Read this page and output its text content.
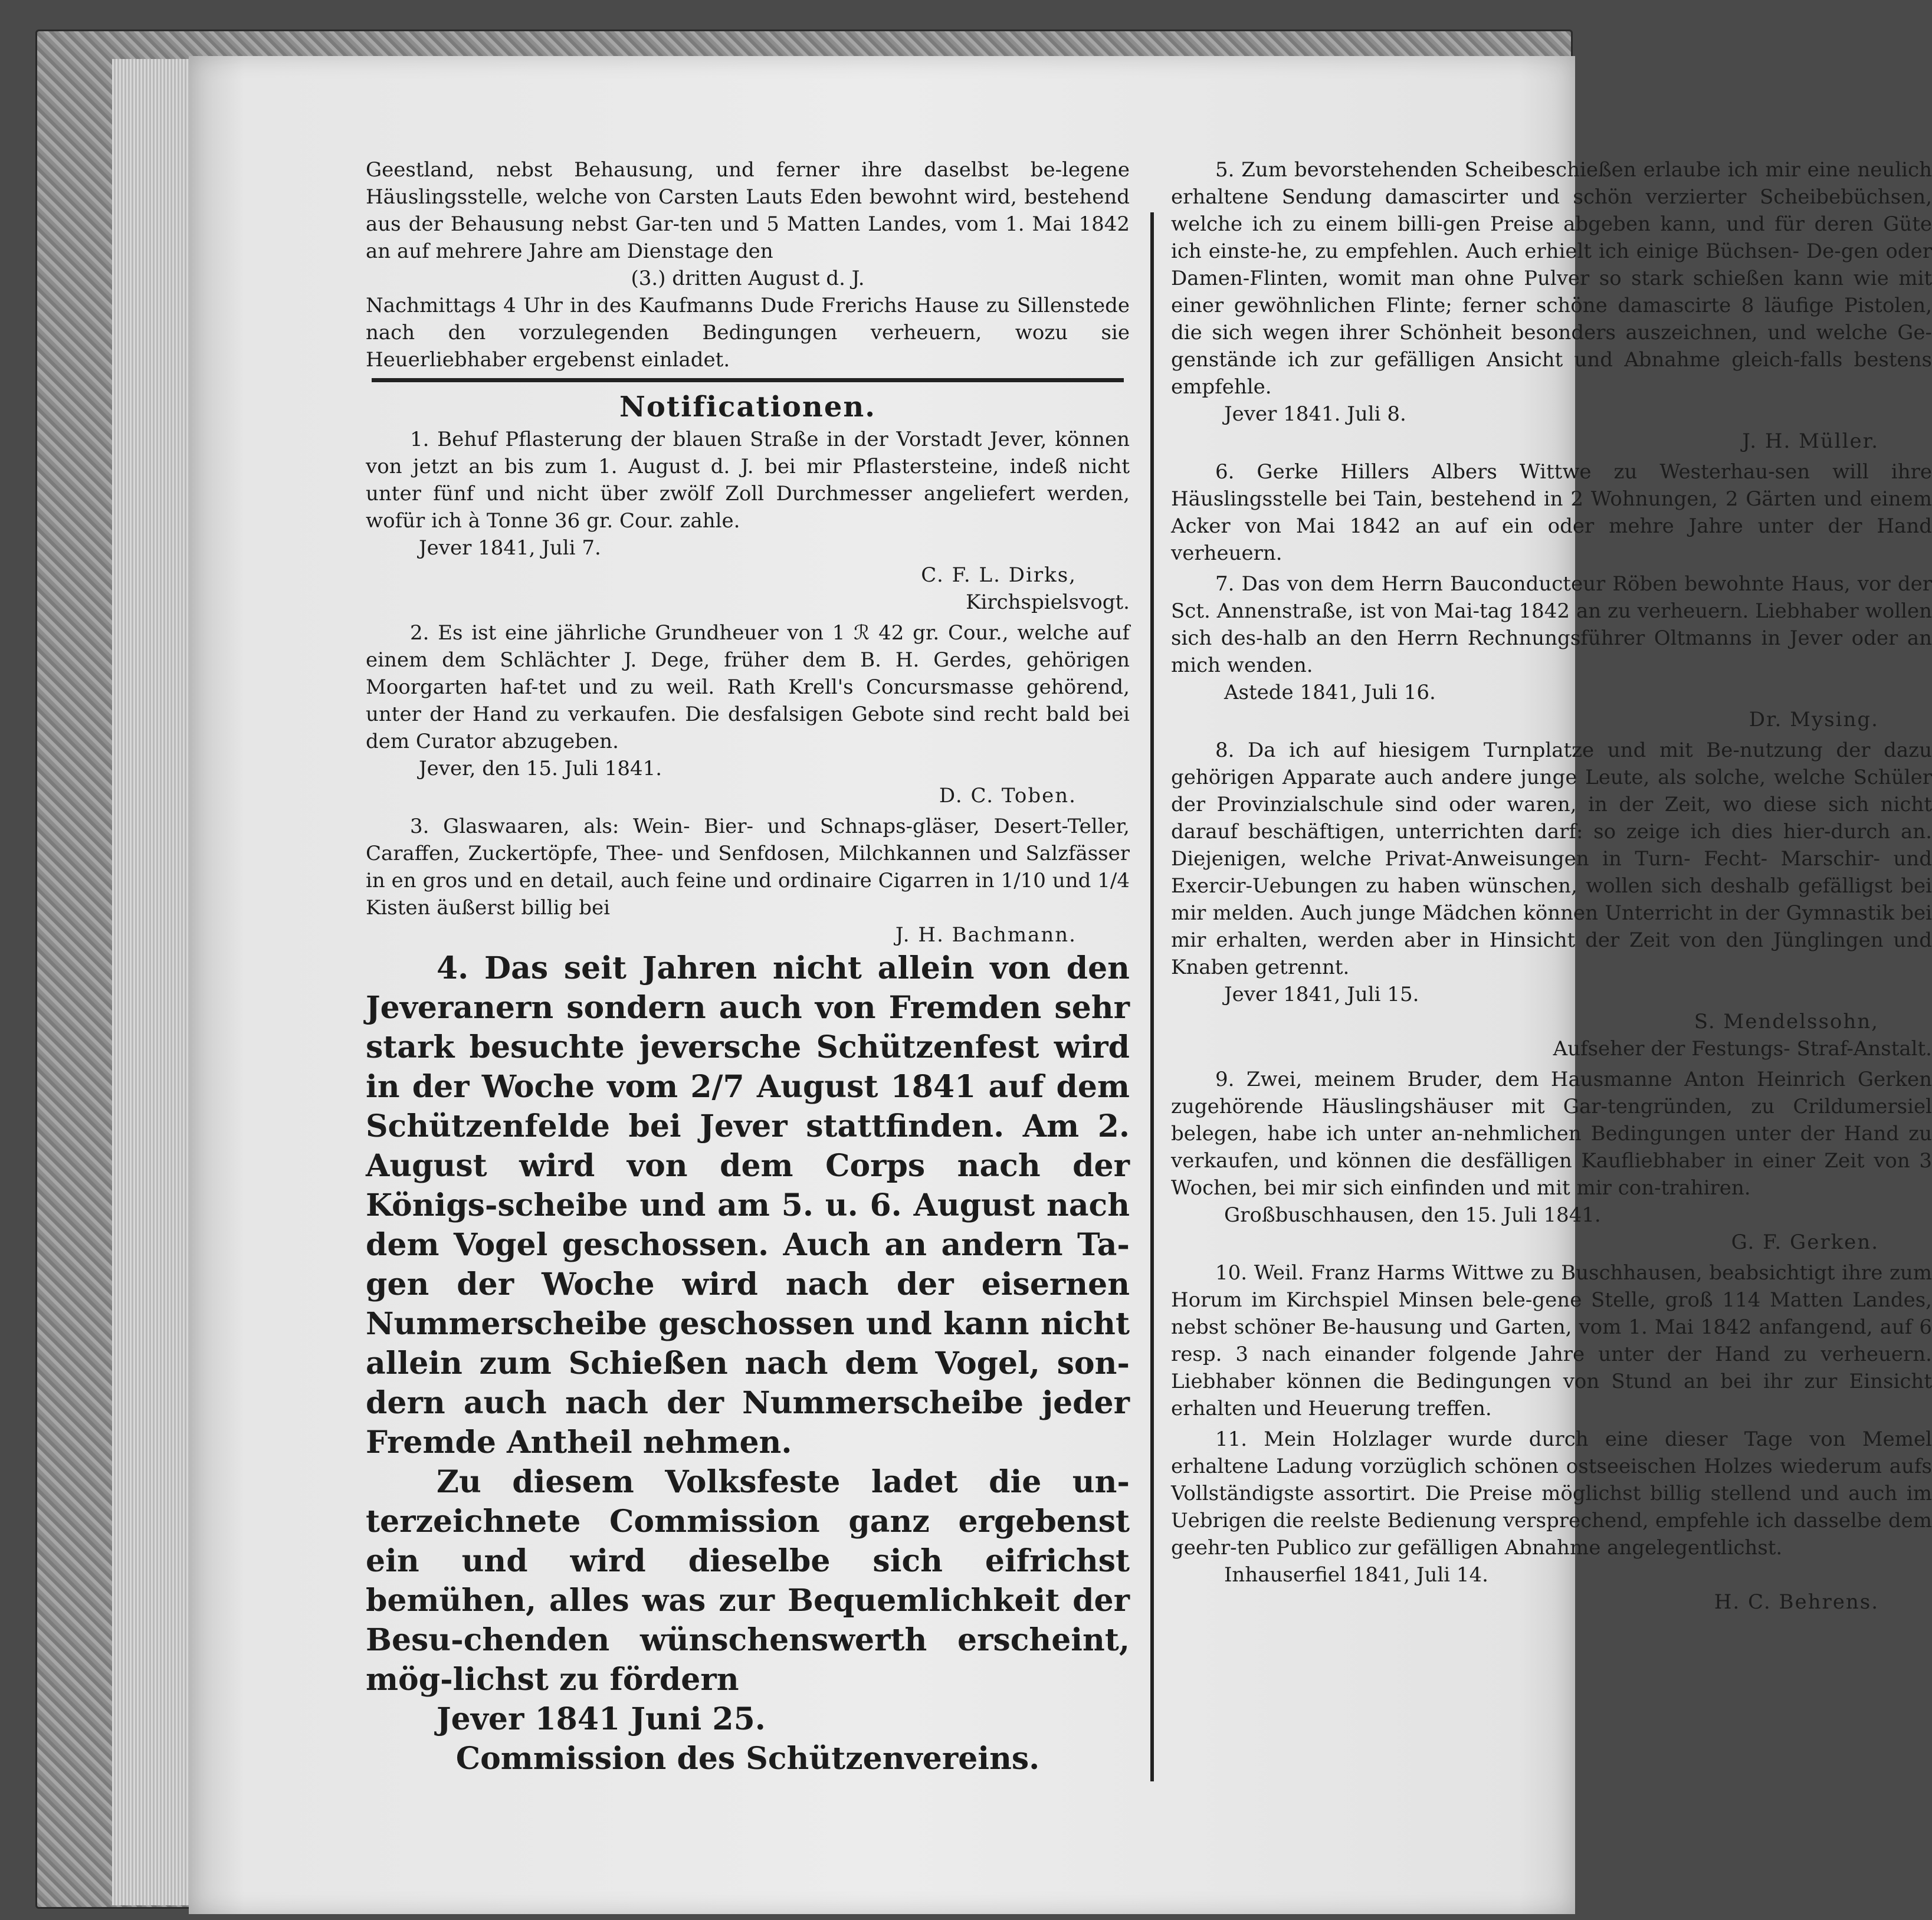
Geestland, nebst Behausung, und ferner ihre daselbst be-legene Häuslingsstelle, welche von Carsten Lauts Eden bewohnt wird, bestehend aus der Behausung nebst Gar-ten und 5 Matten Landes, vom 1. Mai 1842 an auf mehrere Jahre am Dienstage den

(3.) dritten August d. J.

Nachmittags 4 Uhr in des Kaufmanns Dude Frerichs Hause zu Sillenstede nach den vorzulegenden Bedingungen verheuern, wozu sie Heuerliebhaber ergebenst einladet.

Notificationen.

1. Behuf Pflasterung der blauen Straße in der Vorstadt Jever, können von jetzt an bis zum 1. August d. J. bei mir Pflastersteine, indeß nicht unter fünf und nicht über zwölf Zoll Durchmesser angeliefert werden, wofür ich à Tonne 36 gr. Cour. zahle.

Jever 1841, Juli 7.

C. F. L. Dirks,

Kirchspielsvogt.

2. Es ist eine jährliche Grundheuer von 1 ℛ 42 gr. Cour., welche auf einem dem Schlächter J. Dege, früher dem B. H. Gerdes, gehörigen Moorgarten haf-tet und zu weil. Rath Krell's Concursmasse gehörend, unter der Hand zu verkaufen. Die desfalsigen Gebote sind recht bald bei dem Curator abzugeben.

Jever, den 15. Juli 1841.

D. C. Toben.

3. Glaswaaren, als: Wein- Bier- und Schnaps-gläser, Desert-Teller, Caraffen, Zuckertöpfe, Thee- und Senfdosen, Milchkannen und Salzfässer in en gros und en detail, auch feine und ordinaire Cigarren in 1/10 und 1/4 Kisten äußerst billig bei

J. H. Bachmann.

4. Das seit Jahren nicht allein von den Jeveranern sondern auch von Fremden sehr stark besuchte jeversche Schützenfest wird in der Woche vom 2/7 August 1841 auf dem Schützenfelde bei Jever stattfinden. Am 2. August wird von dem Corps nach der Königs-scheibe und am 5. u. 6. August nach dem Vogel geschossen. Auch an andern Ta-gen der Woche wird nach der eisernen Nummerscheibe geschossen und kann nicht allein zum Schießen nach dem Vogel, son-dern auch nach der Nummerscheibe jeder Fremde Antheil nehmen.

Zu diesem Volksfeste ladet die un-terzeichnete Commission ganz ergebenst ein und wird dieselbe sich eifrichst bemühen, alles was zur Bequemlichkeit der Besu-chenden wünschenswerth erscheint, mög-lichst zu fördern

Jever 1841 Juni 25.

Commission des Schützenvereins.

5. Zum bevorstehenden Scheibeschießen erlaube ich mir eine neulich erhaltene Sendung damascirter und schön verzierter Scheibebüchsen, welche ich zu einem billi-gen Preise abgeben kann, und für deren Güte ich einste-he, zu empfehlen. Auch erhielt ich einige Büchsen- De-gen oder Damen-Flinten, womit man ohne Pulver so stark schießen kann wie mit einer gewöhnlichen Flinte; ferner schöne damascirte 8 läufige Pistolen, die sich wegen ihrer Schönheit besonders auszeichnen, und welche Ge-genstände ich zur gefälligen Ansicht und Abnahme gleich-falls bestens empfehle.

Jever 1841. Juli 8.

J. H. Müller.

6. Gerke Hillers Albers Wittwe zu Westerhau-sen will ihre Häuslingsstelle bei Tain, bestehend in 2 Wohnungen, 2 Gärten und einem Acker von Mai 1842 an auf ein oder mehre Jahre unter der Hand verheuern.

7. Das von dem Herrn Bauconducteur Röben bewohnte Haus, vor der Sct. Annenstraße, ist von Mai-tag 1842 an zu verheuern. Liebhaber wollen sich des-halb an den Herrn Rechnungsführer Oltmanns in Jever oder an mich wenden.

Astede 1841, Juli 16.

Dr. Mysing.

8. Da ich auf hiesigem Turnplatze und mit Be-nutzung der dazu gehörigen Apparate auch andere junge Leute, als solche, welche Schüler der Provinzialschule sind oder waren, in der Zeit, wo diese sich nicht darauf beschäftigen, unterrichten darf: so zeige ich dies hier-durch an. Diejenigen, welche Privat-Anweisungen in Turn- Fecht- Marschir- und Exercir-Uebungen zu haben wünschen, wollen sich deshalb gefälligst bei mir melden. Auch junge Mädchen können Unterricht in der Gymnastik bei mir erhalten, werden aber in Hinsicht der Zeit von den Jünglingen und Knaben getrennt.

Jever 1841, Juli 15.

S. Mendelssohn,

Aufseher der Festungs- Straf-Anstalt.

9. Zwei, meinem Bruder, dem Hausmanne Anton Heinrich Gerken zugehörende Häuslingshäuser mit Gar-tengründen, zu Crildumersiel belegen, habe ich unter an-nehmlichen Bedingungen unter der Hand zu verkaufen, und können die desfälligen Kaufliebhaber in einer Zeit von 3 Wochen, bei mir sich einfinden und mit mir con-trahiren.

Großbuschhausen, den 15. Juli 1841.

G. F. Gerken.

10. Weil. Franz Harms Wittwe zu Buschhausen, beabsichtigt ihre zum Horum im Kirchspiel Minsen bele-gene Stelle, groß 114 Matten Landes, nebst schöner Be-hausung und Garten, vom 1. Mai 1842 anfangend, auf 6 resp. 3 nach einander folgende Jahre unter der Hand zu verheuern. Liebhaber können die Bedingungen von Stund an bei ihr zur Einsicht erhalten und Heuerung treffen.

11. Mein Holzlager wurde durch eine dieser Tage von Memel erhaltene Ladung vorzüglich schönen ostseeischen Holzes wiederum aufs Vollständigste assortirt. Die Preise möglichst billig stellend und auch im Uebrigen die reelste Bedienung versprechend, empfehle ich dasselbe dem geehr-ten Publico zur gefälligen Abnahme angelegentlichst.

Inhauserfiel 1841, Juli 14.

H. C. Behrens.
